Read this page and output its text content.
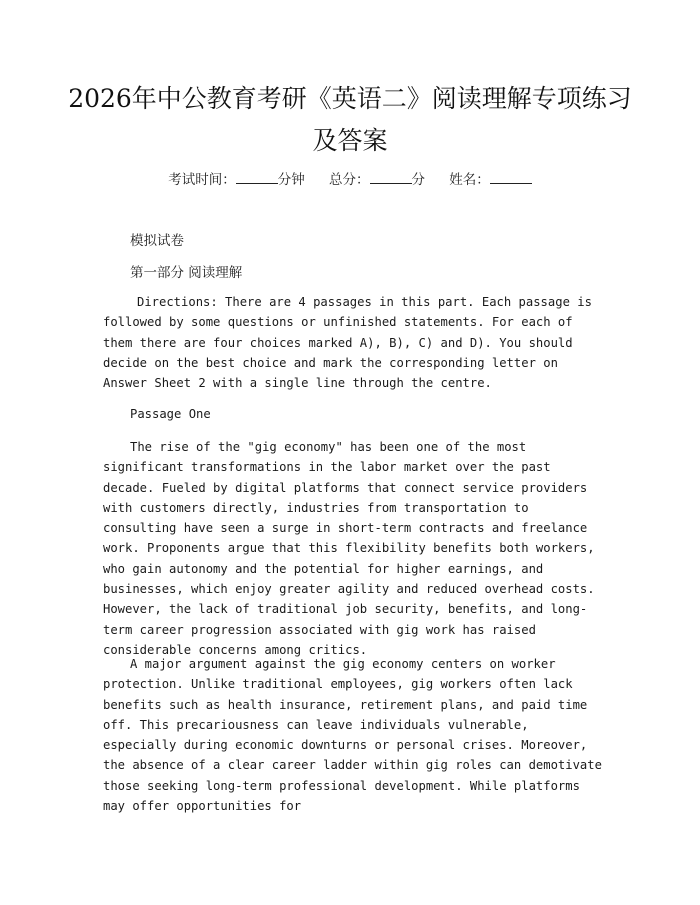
2026年中公教育考研《英语二》阅读理解专项练习及答案
考试时间：	分钟 总分：	分 姓名：

模拟试卷

第一部分 阅读理解

Directions: There are 4 passages in this part. Each passage is followed by some questions or unfinished statements. For each of them there are four choices marked A), B), C) and D). You should decide on the best choice and mark the corresponding letter on Answer Sheet 2 with a single line through the centre.

Passage One

The rise of the "gig economy" has been one of the most significant transformations in the labor market over the past decade. Fueled by digital platforms that connect service providers with customers directly, industries from transportation to consulting have seen a surge in short-term contracts and freelance work. Proponents argue that this flexibility benefits both workers, who gain autonomy and the potential for higher earnings, and businesses, which enjoy greater agility and reduced overhead costs. However, the lack of traditional job security, benefits, and long-term career progression associated with gig work has raised considerable concerns among critics.

A major argument against the gig economy centers on worker protection. Unlike traditional employees, gig workers often lack benefits such as health insurance, retirement plans, and paid time off. This precariousness can leave individuals vulnerable, especially during economic downturns or personal crises. Moreover, the absence of a clear career ladder within gig roles can demotivate those seeking long-term professional development. While platforms may offer opportunities for
